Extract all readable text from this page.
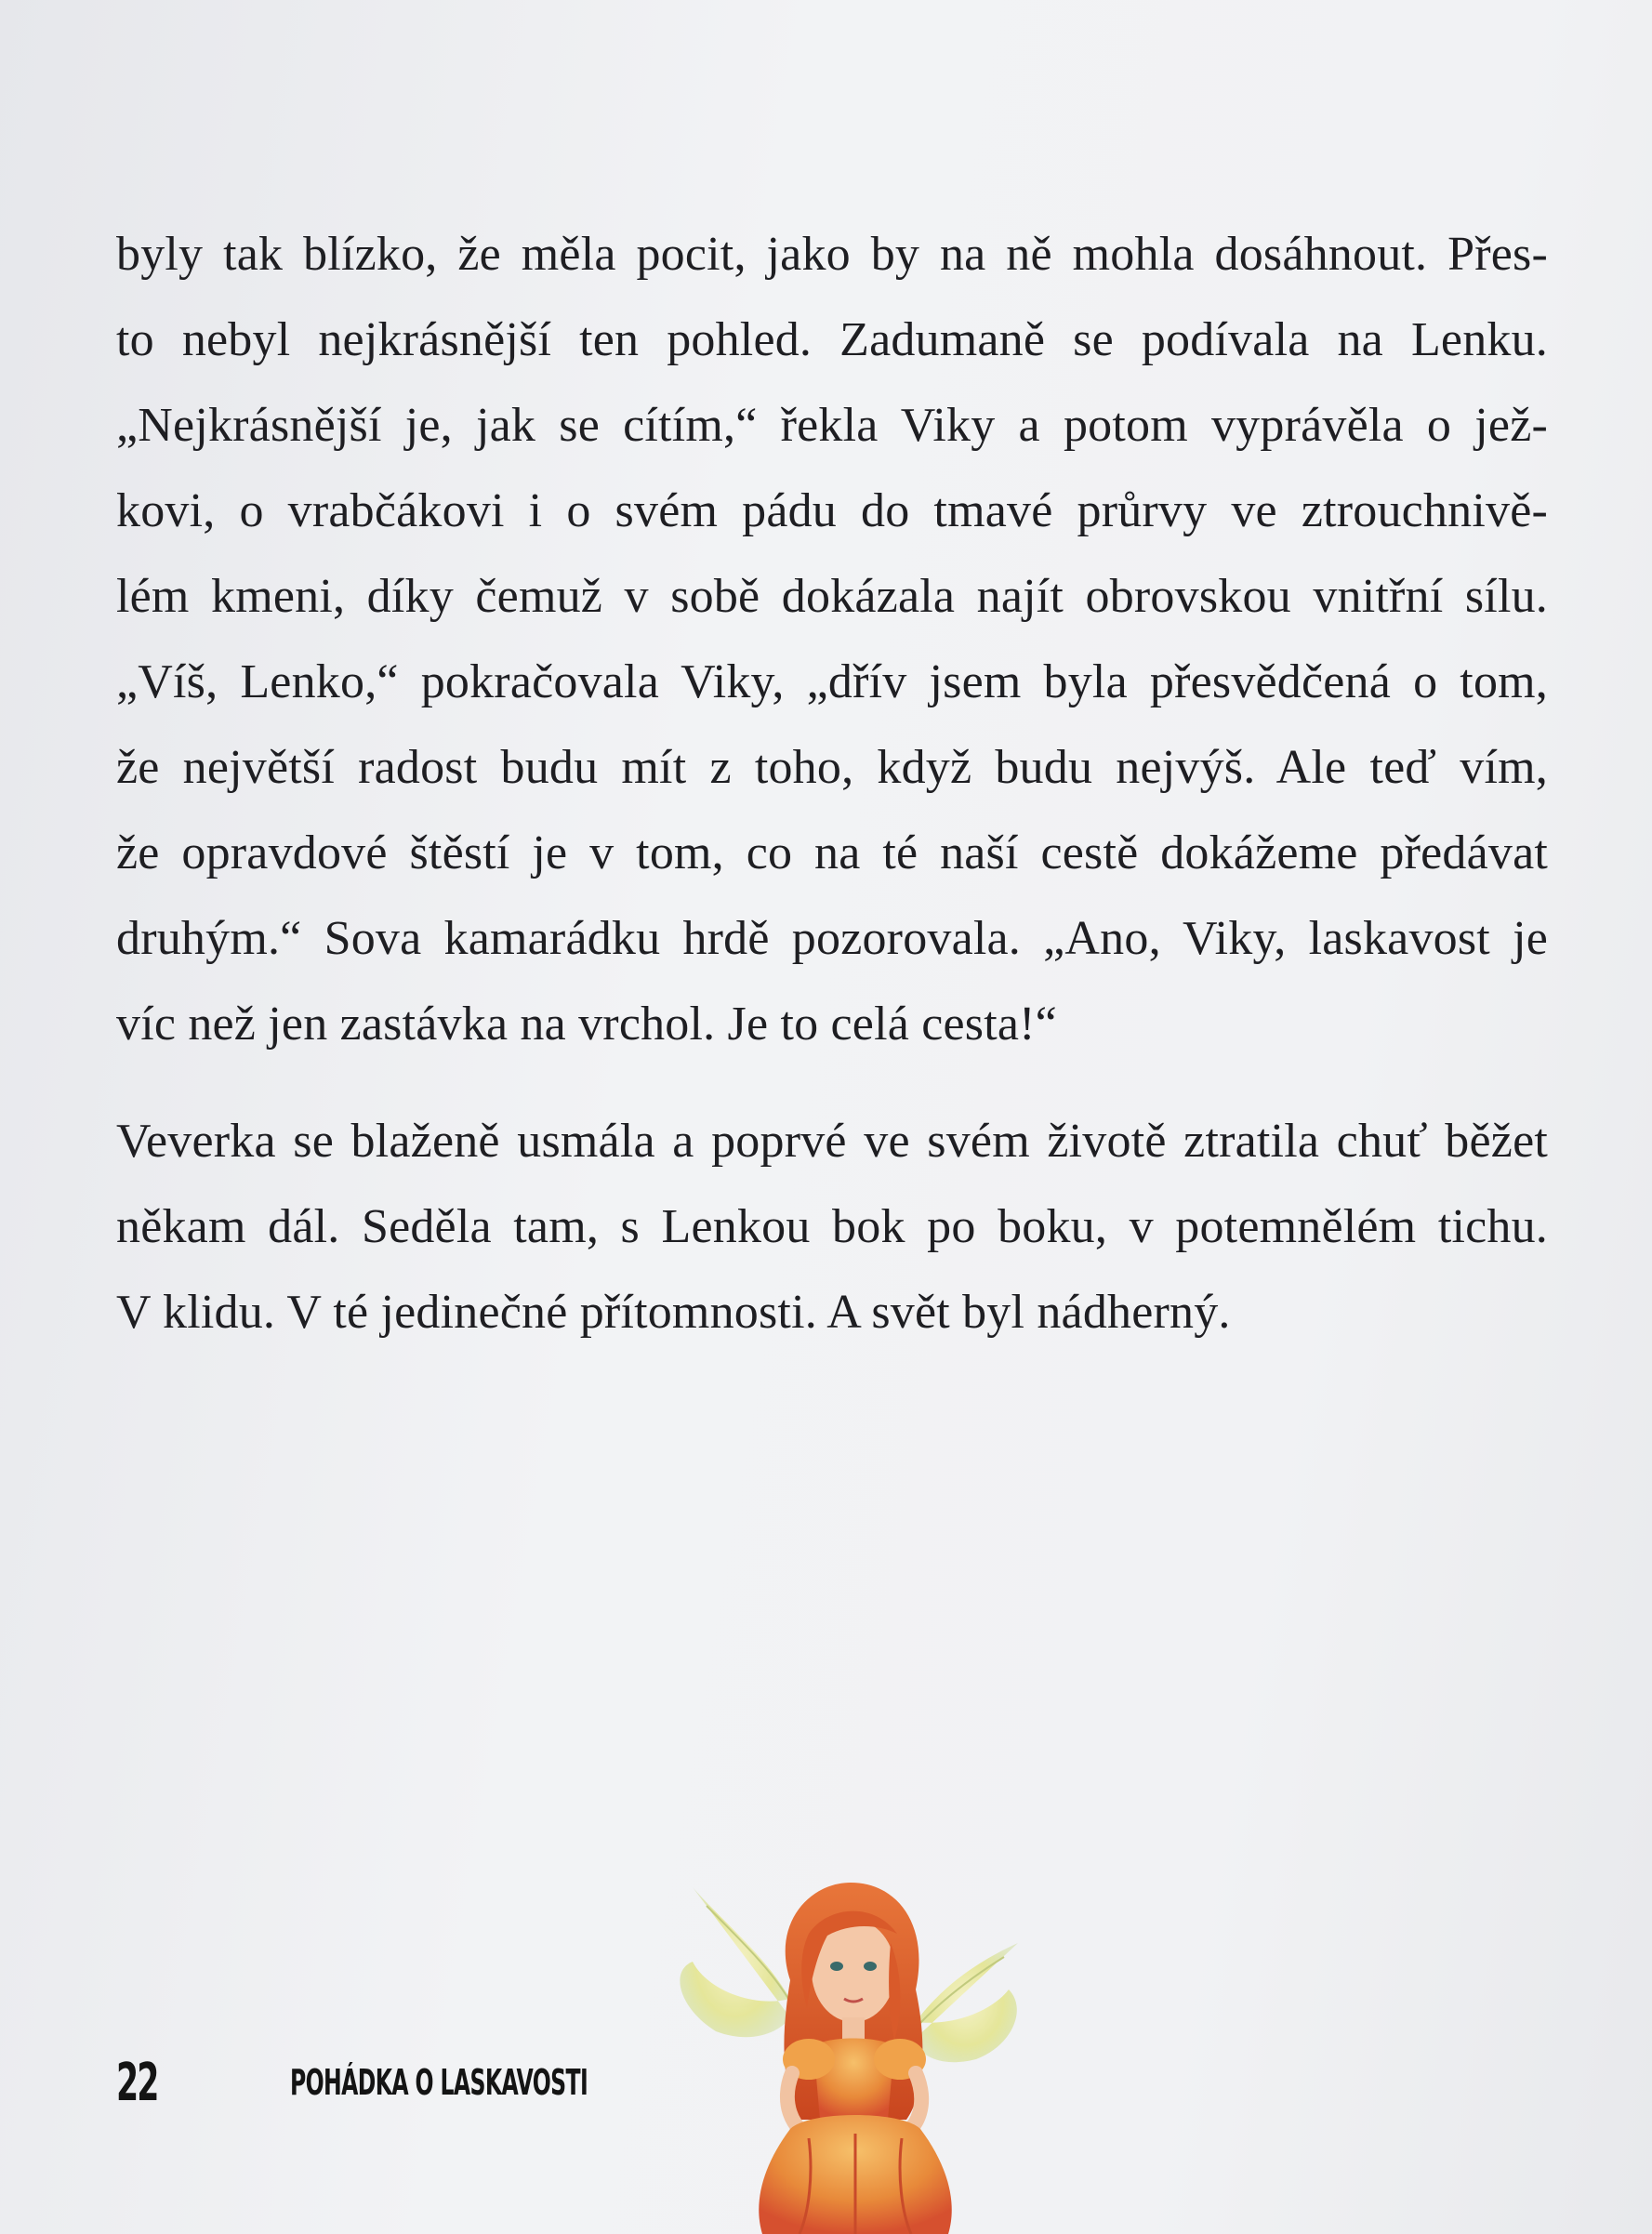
byly tak blízko, že měla pocit, jako by na ně mohla dosáhnout. Přes-
to nebyl nejkrásnější ten pohled. Zadumaně se podívala na Lenku.
„Nejkrásnější je, jak se cítím,“ řekla Viky a potom vyprávěla o jež-
kovi, o vrabčákovi i o svém pádu do tmavé průrvy ve ztrouchnivě-
lém kmeni, díky čemuž v sobě dokázala najít obrovskou vnitřní sílu.
„Víš, Lenko,“ pokračovala Viky, „dřív jsem byla přesvědčená o tom,
že největší radost budu mít z toho, když budu nejvýš. Ale teď vím,
že opravdové štěstí je v tom, co na té naší cestě dokážeme předávat
druhým.“ Sova kamarádku hrdě pozorovala. „Ano, Viky, laskavost je
víc než jen zastávka na vrchol. Je to celá cesta!“
Veverka se blaženě usmála a poprvé ve svém životě ztratila chuť běžet
někam dál. Seděla tam, s Lenkou bok po boku, v potemnělém tichu.
V klidu. V té jedinečné přítomnosti. A svět byl nádherný.
22	POHÁDKA O LASKAVOSTI
